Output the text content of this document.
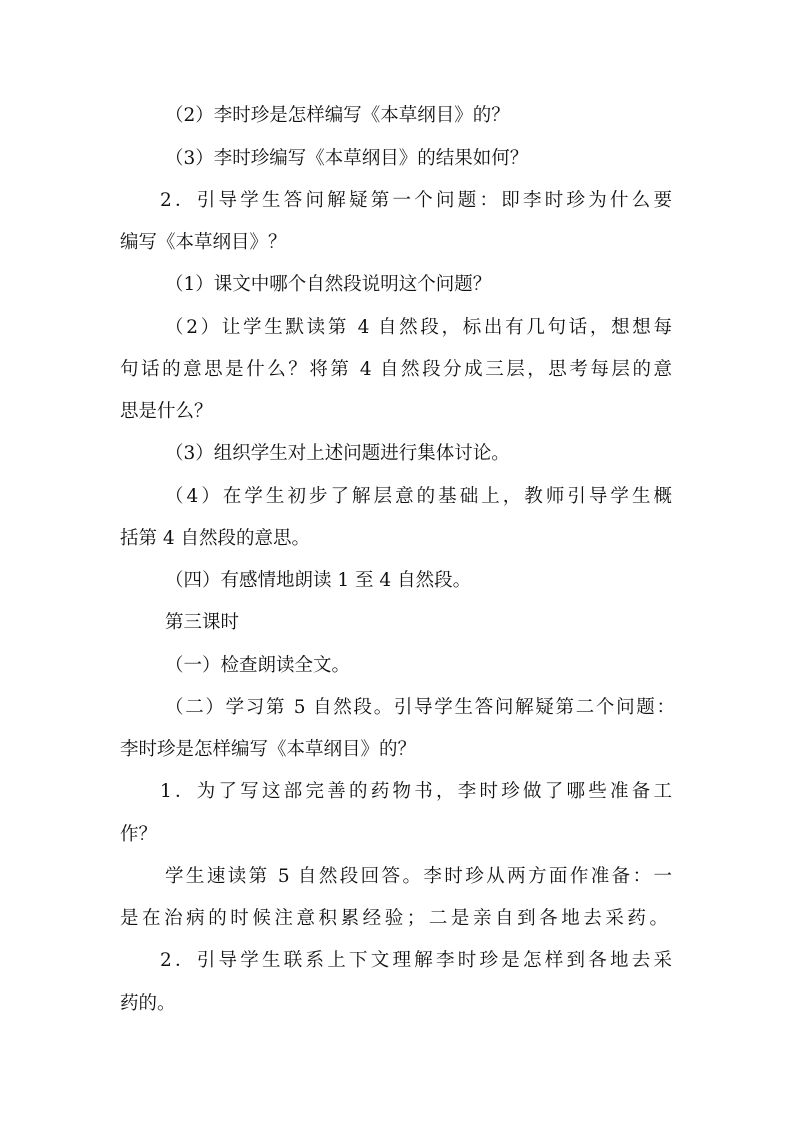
（2）李时珍是怎样编写《本草纲目》的？
（3）李时珍编写《本草纲目》的结果如何？
2．引导学生答问解疑第一个问题：即李时珍为什么要
编写《本草纲目》？
（1）课文中哪个自然段说明这个问题？
（2）让学生默读第 4 自然段，标出有几句话，想想每
句话的意思是什么？将第 4 自然段分成三层，思考每层的意
思是什么？
（3）组织学生对上述问题进行集体讨论。
（4）在学生初步了解层意的基础上，教师引导学生概
括第 4 自然段的意思。
（四）有感情地朗读 1 至 4 自然段。
第三课时
（一）检查朗读全文。
（二）学习第 5 自然段。引导学生答问解疑第二个问题：
李时珍是怎样编写《本草纲目》的？
1．为了写这部完善的药物书，李时珍做了哪些准备工
作？
学生速读第 5 自然段回答。李时珍从两方面作准备：一
是在治病的时候注意积累经验；二是亲自到各地去采药。
2．引导学生联系上下文理解李时珍是怎样到各地去采
药的。
